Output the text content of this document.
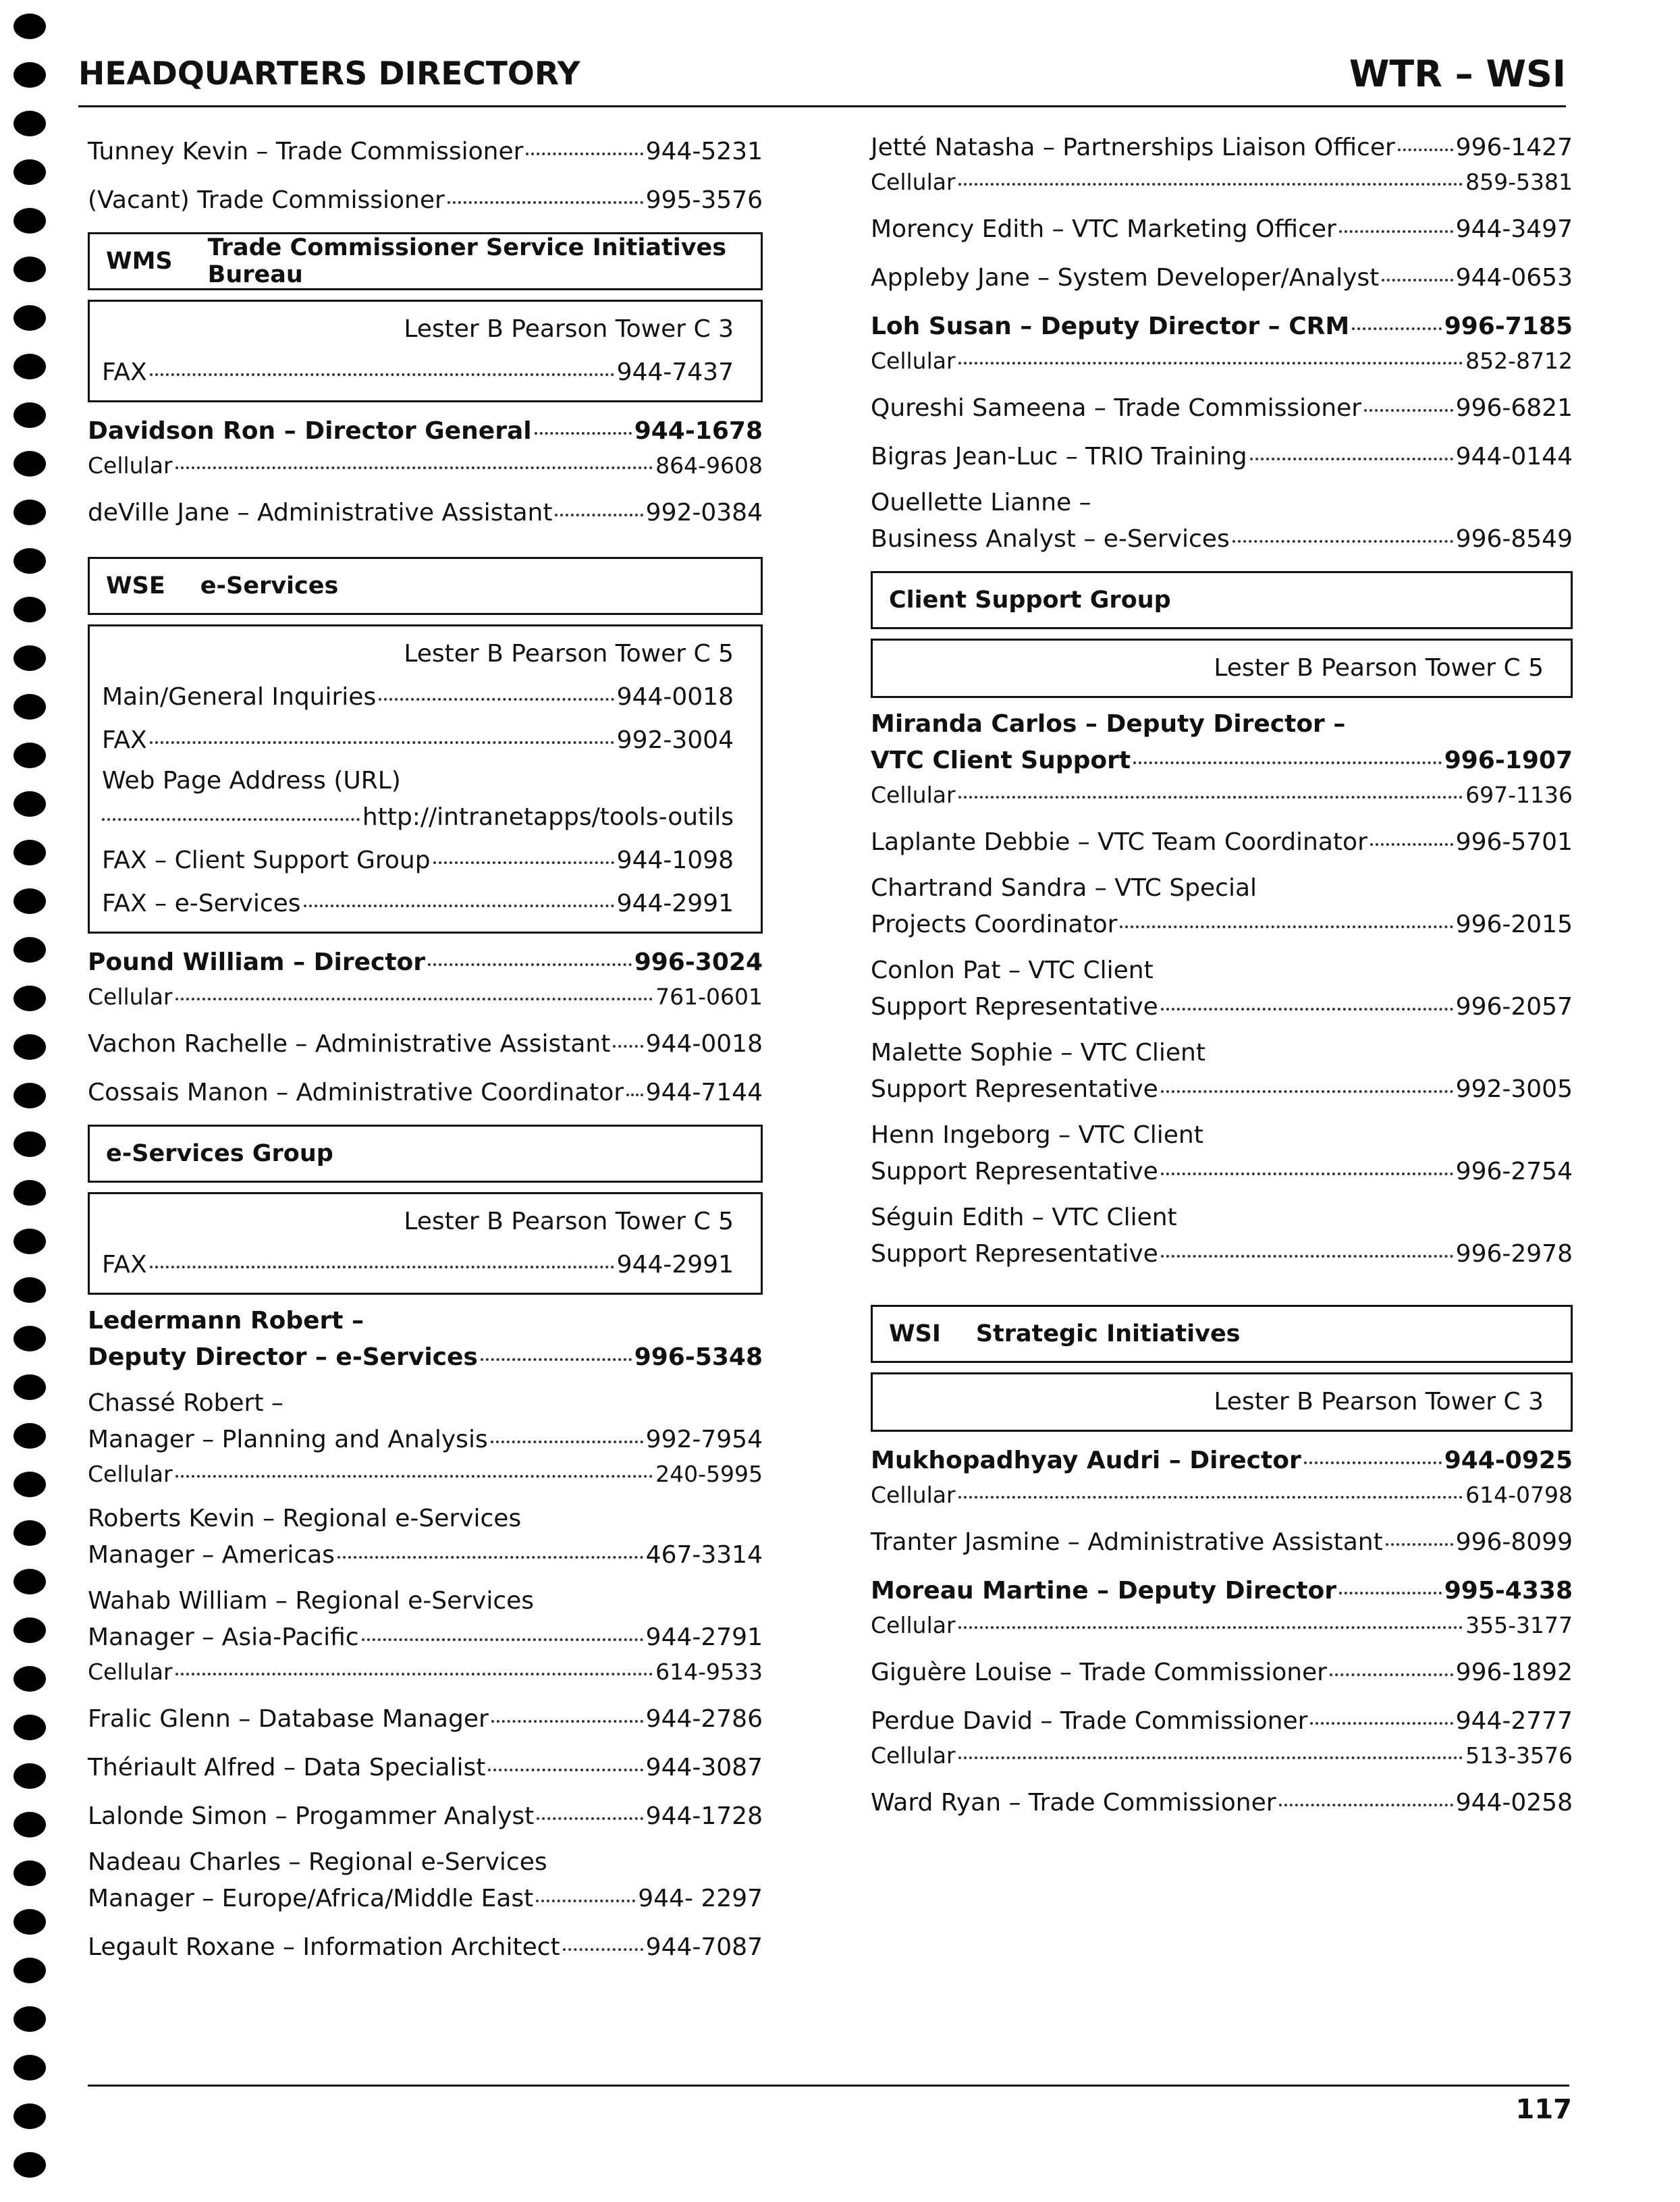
HEADQUARTERS DIRECTORY	WTR – WSI
Tunney Kevin – Trade Commissioner	944-5231
(Vacant) Trade Commissioner	995-3576
WMS Trade Commissioner Service Initiatives Bureau
Lester B Pearson Tower C 3
FAX	944-7437
Davidson Ron – Director General	944-1678
Cellular	864-9608
deVille Jane – Administrative Assistant	992-0384
WSE e-Services
Lester B Pearson Tower C 5
Main/General Inquiries	944-0018
FAX	992-3004
Web Page Address (URL)
http://intranetapps/tools-outils
FAX – Client Support Group	944-1098
FAX – e-Services	944-2991
Pound William – Director	996-3024
Cellular	761-0601
Vachon Rachelle – Administrative Assistant 944-0018
Cossais Manon – Administrative Coordinator 944-7144
e-Services Group
Lester B Pearson Tower C 5
FAX	944-2991
Ledermann Robert –
Deputy Director – e-Services	996-5348
Chassé Robert –
Manager – Planning and Analysis	992-7954
Cellular	240-5995
Roberts Kevin – Regional e-Services
Manager – Americas	467-3314
Wahab William – Regional e-Services
Manager – Asia-Pacific	944-2791
Cellular	614-9533
Fralic Glenn – Database Manager	944-2786
Thériault Alfred – Data Specialist	944-3087
Lalonde Simon – Progammer Analyst	944-1728
Nadeau Charles – Regional e-Services
Manager – Europe/Africa/Middle East	944- 2297
Legault Roxane – Information Architect	944-7087
Jetté Natasha – Partnerships Liaison Officer 996-1427
Cellular	859-5381
Morency Edith – VTC Marketing Officer	944-3497
Appleby Jane – System Developer/Analyst	944-0653
Loh Susan – Deputy Director – CRM	996-7185
Cellular	852-8712
Qureshi Sameena – Trade Commissioner	996-6821
Bigras Jean-Luc – TRIO Training	944-0144
Ouellette Lianne –
Business Analyst – e-Services	996-8549
Client Support Group
Lester B Pearson Tower C 5
Miranda Carlos – Deputy Director –
VTC Client Support	996-1907
Cellular	697-1136
Laplante Debbie – VTC Team Coordinator	996-5701
Chartrand Sandra – VTC Special
Projects Coordinator	996-2015
Conlon Pat – VTC Client
Support Representative	996-2057
Malette Sophie – VTC Client
Support Representative	992-3005
Henn Ingeborg – VTC Client
Support Representative	996-2754
Séguin Edith – VTC Client
Support Representative	996-2978
WSI Strategic Initiatives
Lester B Pearson Tower C 3
Mukhopadhyay Audri – Director	944-0925
Cellular	614-0798
Tranter Jasmine – Administrative Assistant	996-8099
Moreau Martine – Deputy Director	995-4338
Cellular	355-3177
Giguère Louise – Trade Commissioner	996-1892
Perdue David – Trade Commissioner	944-2777
Cellular	513-3576
Ward Ryan – Trade Commissioner	944-0258
117
